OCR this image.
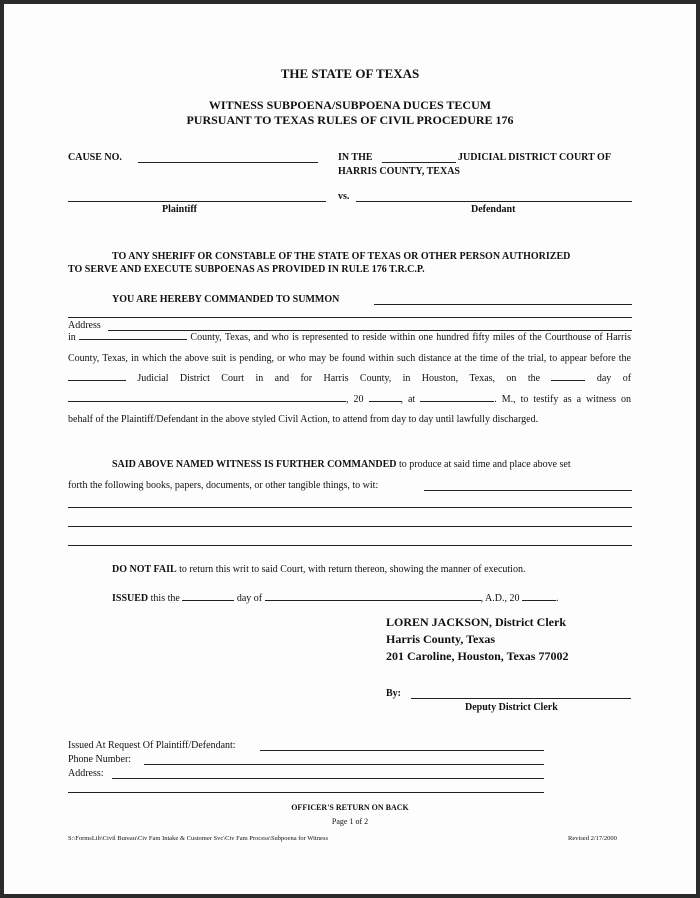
THE STATE OF TEXAS
WITNESS SUBPOENA/SUBPOENA DUCES TECUM
PURSUANT TO TEXAS RULES OF CIVIL PROCEDURE 176
CAUSE NO.	IN THE	JUDICIAL DISTRICT COURT OF
HARRIS COUNTY, TEXAS
vs.
Plaintiff	Defendant
TO ANY SHERIFF OR CONSTABLE OF THE STATE OF TEXAS OR OTHER PERSON AUTHORIZED
TO SERVE AND EXECUTE SUBPOENAS AS PROVIDED IN RULE 176 T.R.C.P.
YOU ARE HEREBY COMMANDED TO SUMMON
Address
in	County, Texas, and who is represented to reside within one hundred fifty miles of the Courthouse of Harris County, Texas, in which the above suit is pending, or who may be found within such distance at the time of the trial, to appear before the  Judicial District Court in and for Harris County, in Houston, Texas, on the	day of , 20	, at	. M., to testify as a witness on behalf of the Plaintiff/Defendant in the above styled Civil Action, to attend from day to day until lawfully discharged.
SAID ABOVE NAMED WITNESS IS FURTHER COMMANDED to produce at said time and place above set
forth the following books, papers, documents, or other tangible things, to wit:
DO NOT FAIL to return this writ to said Court, with return thereon, showing the manner of execution.
ISSUED this the	day of	, A.D., 20	.
LOREN JACKSON, District Clerk
Harris County, Texas
201 Caroline, Houston, Texas 77002
By:
Deputy District Clerk
Issued At Request Of Plaintiff/Defendant:
Phone Number:
Address:
OFFICER'S RETURN ON BACK
Page 1 of 2
S:\FormsLib\Civil Bureau\Civ Fam Intake & Customer Svc\Civ Fam Process\Subpoena for Witness	Revised 2/17/2000
